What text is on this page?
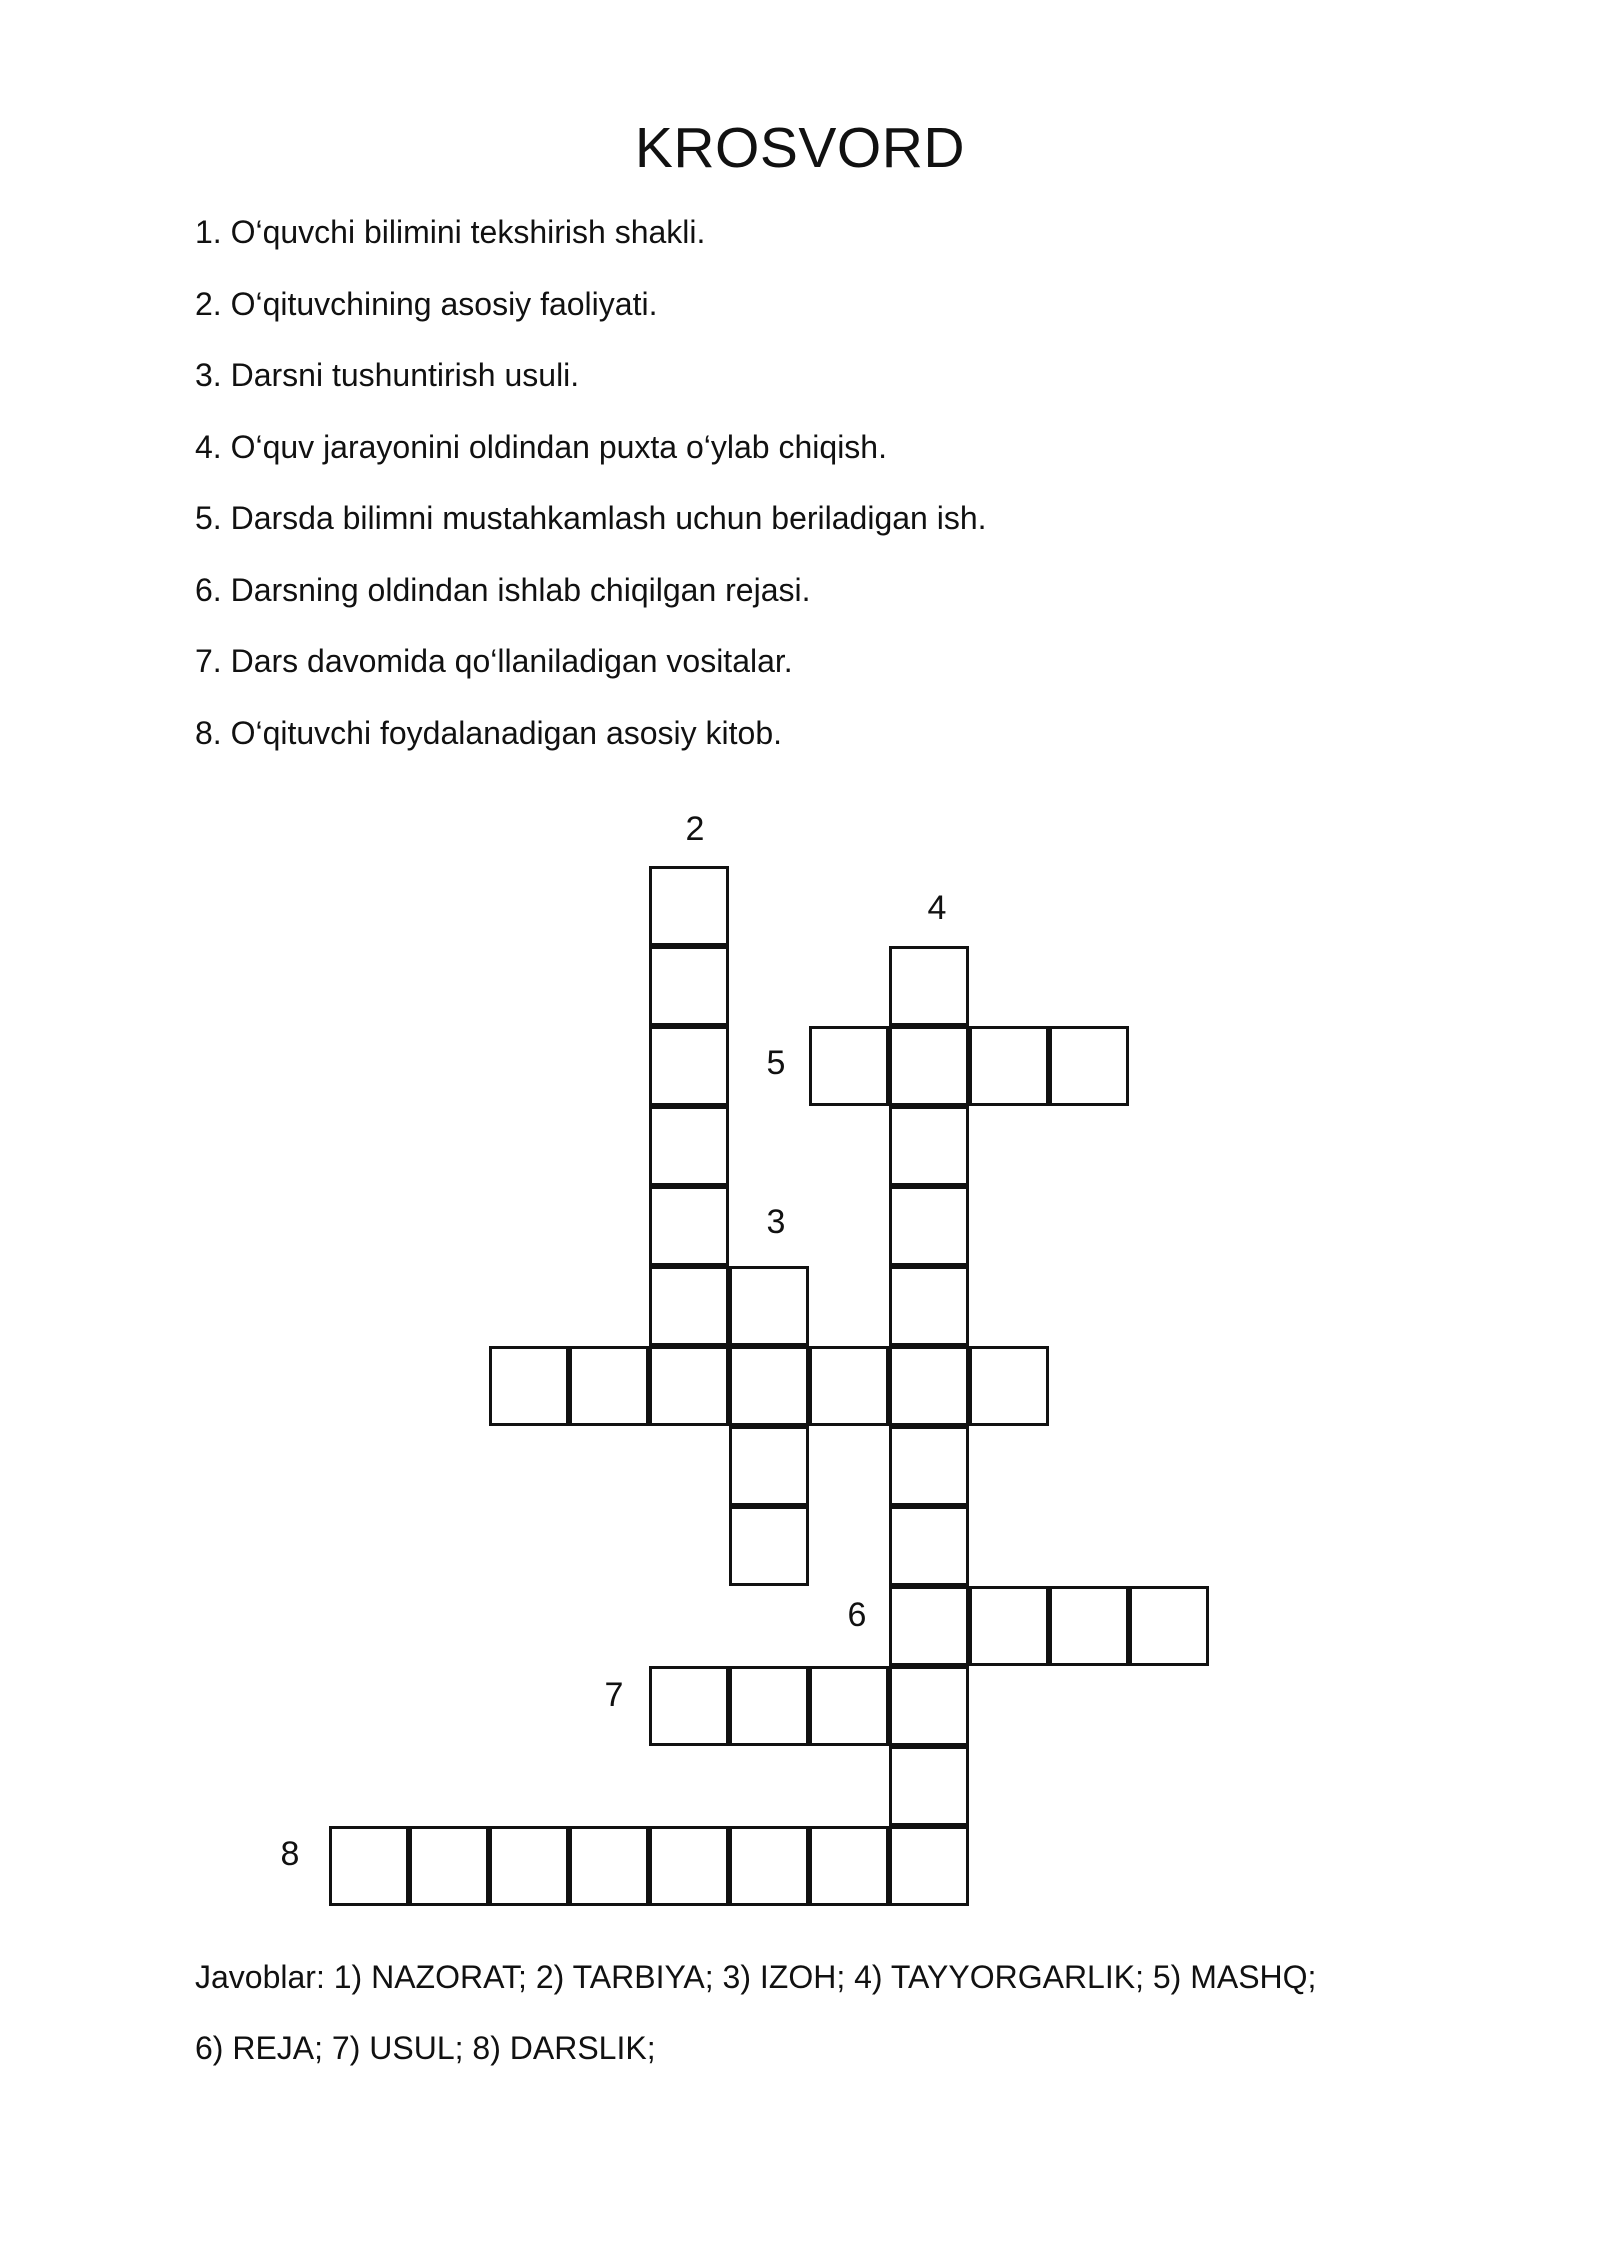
KROSVORD
1. O‘quvchi bilimini tekshirish shakli.
2. O‘qituvchining asosiy faoliyati.
3. Darsni tushuntirish usuli.
4. O‘quv jarayonini oldindan puxta o‘ylab chiqish.
5. Darsda bilimni mustahkamlash uchun beriladigan ish.
6. Darsning oldindan ishlab chiqilgan rejasi.
7. Dars davomida qo‘llaniladigan vositalar.
8. O‘qituvchi foydalanadigan asosiy kitob.
2
3
4
5
6
7
8
Javoblar: 1) NAZORAT; 2) TARBIYA; 3) IZOH; 4) TAYYORGARLIK; 5) MASHQ;
6) REJA; 7) USUL; 8) DARSLIK;
